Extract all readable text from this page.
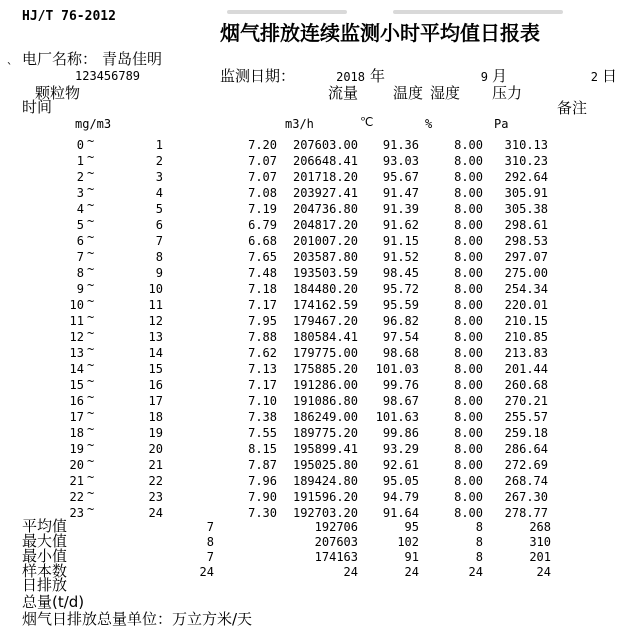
HJ/T 76-2012
烟气排放连续监测小时平均值日报表
电厂名称： 青岛佳明
`
123456789	监测日期：	2018 年	9 月	2 日
颗粒物	流量 温度 湿度 压力
时间	备注
mg/m3	m3/h	℃	%	Pa
日排放
总量(t/d)
烟气日排放总量单位：万立方米/天
0 ~	1	7.20	207603.00	91.36	8.00	310.13
1 ~	2	7.07	206648.41	93.03	8.00	310.23
2 ~	3	7.07	201718.20	95.67	8.00	292.64
3 ~	4	7.08	203927.41	91.47	8.00	305.91
4 ~	5	7.19	204736.80	91.39	8.00	305.38
5 ~	6	6.79	204817.20	91.62	8.00	298.61
6 ~	7	6.68	201007.20	91.15	8.00	298.53
7 ~	8	7.65	203587.80	91.52	8.00	297.07
8 ~	9	7.48	193503.59	98.45	8.00	275.00
9 ~	10	7.18	184480.20	95.72	8.00	254.34
10 ~	11	7.17	174162.59	95.59	8.00	220.01
11 ~	12	7.95	179467.20	96.82	8.00	210.15
12 ~	13	7.88	180584.41	97.54	8.00	210.85
13 ~	14	7.62	179775.00	98.68	8.00	213.83
14 ~	15	7.13	175885.20	101.03	8.00	201.44
15 ~	16	7.17	191286.00	99.76	8.00	260.68
16 ~	17	7.10	191086.80	98.67	8.00	270.21
17 ~	18	7.38	186249.00	101.63	8.00	255.57
18 ~	19	7.55	189775.20	99.86	8.00	259.18
19 ~	20	8.15	195899.41	93.29	8.00	286.64
20 ~	21	7.87	195025.80	92.61	8.00	272.69
21 ~	22	7.96	189424.80	95.05	8.00	268.74
22 ~	23	7.90	191596.20	94.79	8.00	267.30
23 ~	24	7.30	192703.20	91.64	8.00	278.77
平均值	7	192706	95	8	268
最大值	8	207603	102	8	310
最小值	7	174163	91	8	201
样本数	24	24	24	24	24
